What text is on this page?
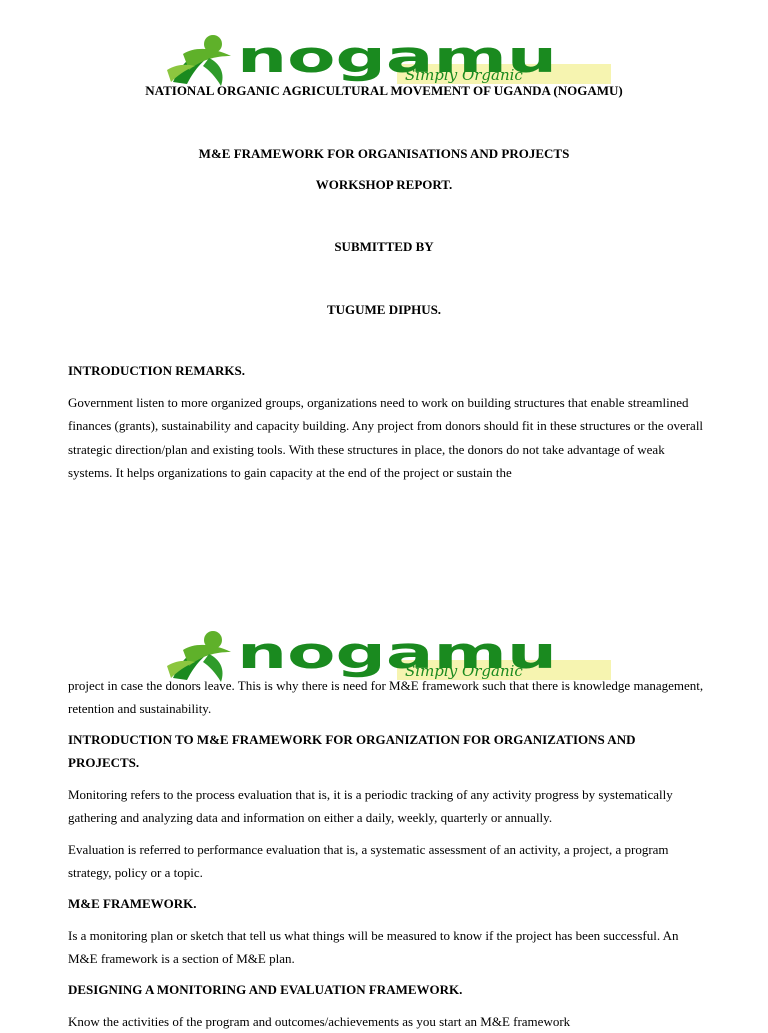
nogamu
Simply Organic

NATIONAL ORGANIC AGRICULTURAL MOVEMENT OF UGANDA (NOGAMU)

M&E FRAMEWORK FOR ORGANISATIONS AND PROJECTS

WORKSHOP REPORT.

SUBMITTED BY

TUGUME DIPHUS.

INTRODUCTION REMARKS.

Government listen to more organized groups, organizations need to work on building structures that enable streamlined finances (grants), sustainability and capacity building. Any project from donors should fit in these structures or the overall strategic direction/plan and existing tools. With these structures in place, the donors do not take advantage of weak systems. It helps organizations to gain capacity at the end of the project or sustain the

nogamu
Simply Organic

project in case the donors leave. This is why there is need for M&E framework such that there is knowledge management, retention and sustainability.

INTRODUCTION TO M&E FRAMEWORK FOR ORGANIZATION FOR ORGANIZATIONS AND PROJECTS.

Monitoring refers to the process evaluation that is, it is a periodic tracking of any activity progress by systematically gathering and analyzing data and information on either a daily, weekly, quarterly or annually.

Evaluation is referred to performance evaluation that is, a systematic assessment of an activity, a project, a program strategy, policy or a topic.

M&E FRAMEWORK.

Is a monitoring plan or sketch that tell us what things will be measured to know if the project has been successful. An M&E framework is a section of M&E plan.

DESIGNING A MONITORING AND EVALUATION FRAMEWORK.

Know the activities of the program and outcomes/achievements as you start an M&E framework
